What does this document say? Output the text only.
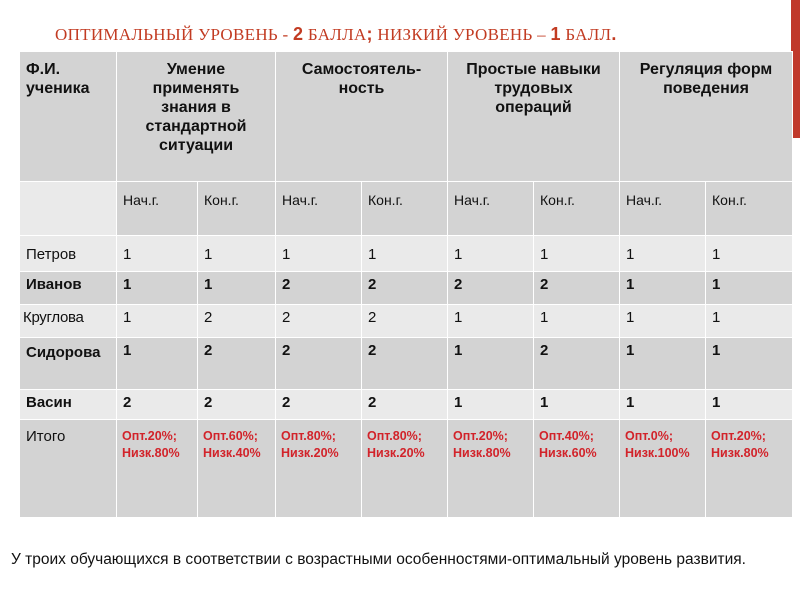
ОПТИМАЛЬНЫЙ УРОВЕНЬ - 2 БАЛЛА; НИЗКИЙ УРОВЕНЬ – 1 БАЛЛ.
Ф.И. ученика	Умение применять знания в стандартной ситуации		Самостоятель-ность		Простые навыки трудовых операций		Регуляция форм поведения	
	Нач.г.	Кон.г.	Нач.г.	Кон.г.	Нач.г.	Кон.г.	Нач.г.	Кон.г.
Петров	1	1	1	1	1	1	1	1
Иванов	1	1	2	2	2	2	1	1
Круглова	1	2	2	2	1	1	1	1
Сидорова	1	2	2	2	1	2	1	1
Васин	2	2	2	2	1	1	1	1
Итого	Опт.20%; Низк.80%	Опт.60%; Низк.40%	Опт.80%; Низк.20%	Опт.80%; Низк.20%	Опт.20%; Низк.80%	Опт.40%; Низк.60%	Опт.0%; Низк.100%	Опт.20%; Низк.80%
У троих обучающихся в соответствии с возрастными особенностями-оптимальный уровень развития.
